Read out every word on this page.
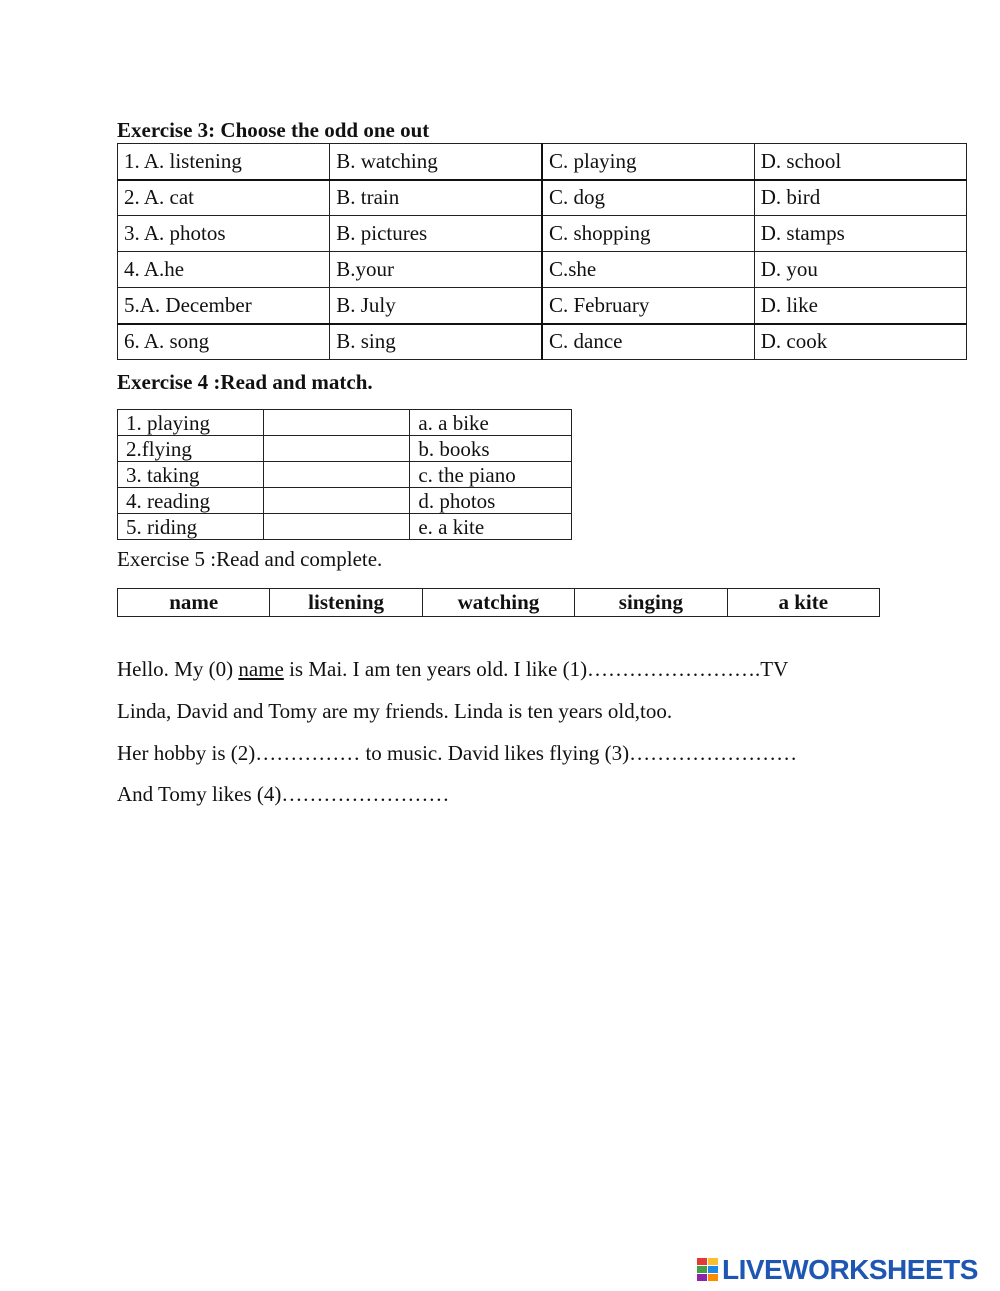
Exercise 3: Choose the odd one out
1. A. listening	B. watching	C. playing	D. school
2. A. cat	B. train	C. dog	D. bird
3. A. photos	B. pictures	C. shopping	D. stamps
4. A.he	B.your	C.she	D. you
5.A. December	B. July	C. February	D. like
6. A. song	B. sing	C. dance	D. cook
Exercise 4 :Read and match.
1. playing		a. a bike
2.flying		b. books
3. taking		c. the piano
4. reading		d. photos
5. riding		e. a kite
Exercise 5 :Read and complete.
name	listening	watching	singing	a kite
Hello. My (0) name is Mai. I am ten years old. I like (1)…………………….TV
Linda, David and Tomy are my friends. Linda is ten years old,too.
Her hobby is (2)…………… to music. David likes flying (3)……………………
And Tomy likes (4)……………………
LIVEWORKSHEETS
